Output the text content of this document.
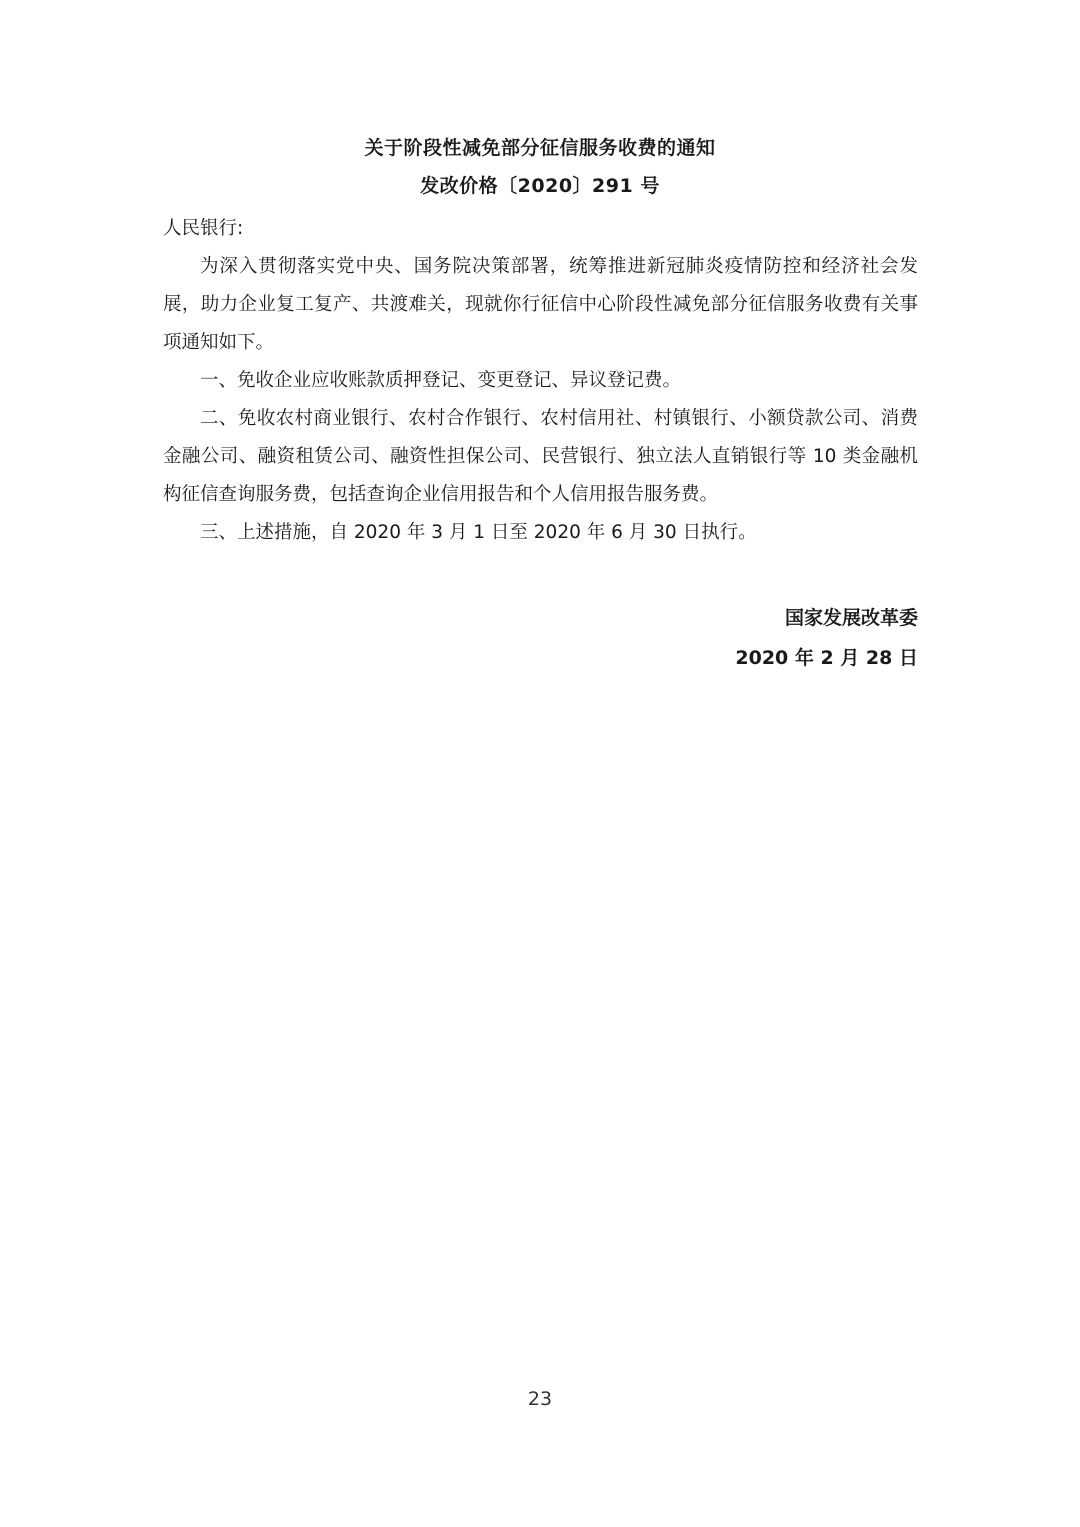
关于阶段性减免部分征信服务收费的通知
发改价格〔2020〕291 号
人民银行:

为深入贯彻落实党中央、国务院决策部署，统筹推进新冠肺炎疫情防控和经济社会发展，助力企业复工复产、共渡难关，现就你行征信中心阶段性减免部分征信服务收费有关事项通知如下。

一、免收企业应收账款质押登记、变更登记、异议登记费。

二、免收农村商业银行、农村合作银行、农村信用社、村镇银行、小额贷款公司、消费金融公司、融资租赁公司、融资性担保公司、民营银行、独立法人直销银行等 10 类金融机构征信查询服务费，包括查询企业信用报告和个人信用报告服务费。

三、上述措施，自 2020 年 3 月 1 日至 2020 年 6 月 30 日执行。

国家发展改革委
2020 年 2 月 28 日
23
